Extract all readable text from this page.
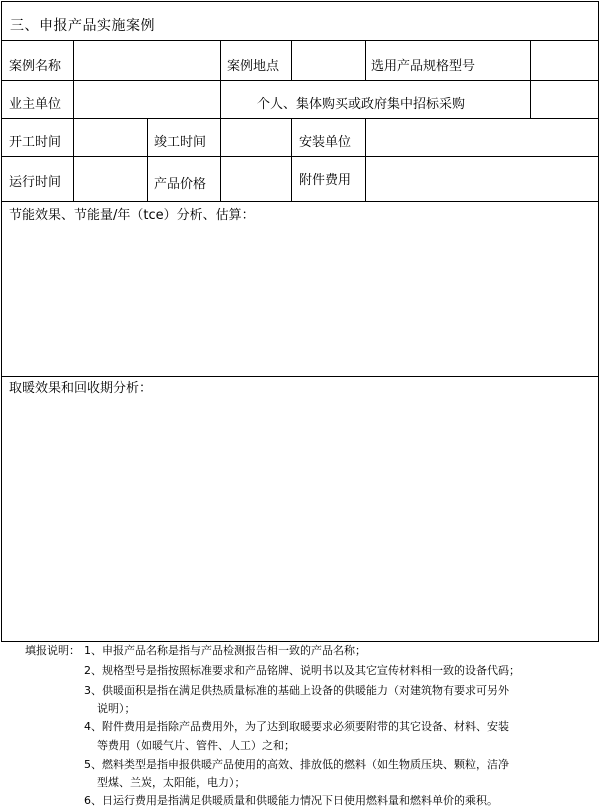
三、申报产品实施案例
案例名称	案例地点	选用产品规格型号
业主单位	个人、集体购买或政府集中招标采购
开工时间	竣工时间	安装单位
运行时间	产品价格	附件费用
节能效果、节能量/年（tce）分析、估算：
取暖效果和回收期分析：
填报说明： 1、申报产品名称是指与产品检测报告相一致的产品名称；
2、规格型号是指按照标准要求和产品铭牌、说明书以及其它宣传材料相一致的设备代码；
3、供暖面积是指在满足供热质量标准的基础上设备的供暖能力（对建筑物有要求可另外
说明）；
4、附件费用是指除产品费用外，为了达到取暖要求必须要附带的其它设备、材料、安装
等费用（如暖气片、管件、人工）之和；
5、燃料类型是指申报供暖产品使用的高效、排放低的燃料（如生物质压块、颗粒，洁净
型煤、兰炭，太阳能，电力）；
6、日运行费用是指满足供暖质量和供暖能力情况下日使用燃料量和燃料单价的乘积。
